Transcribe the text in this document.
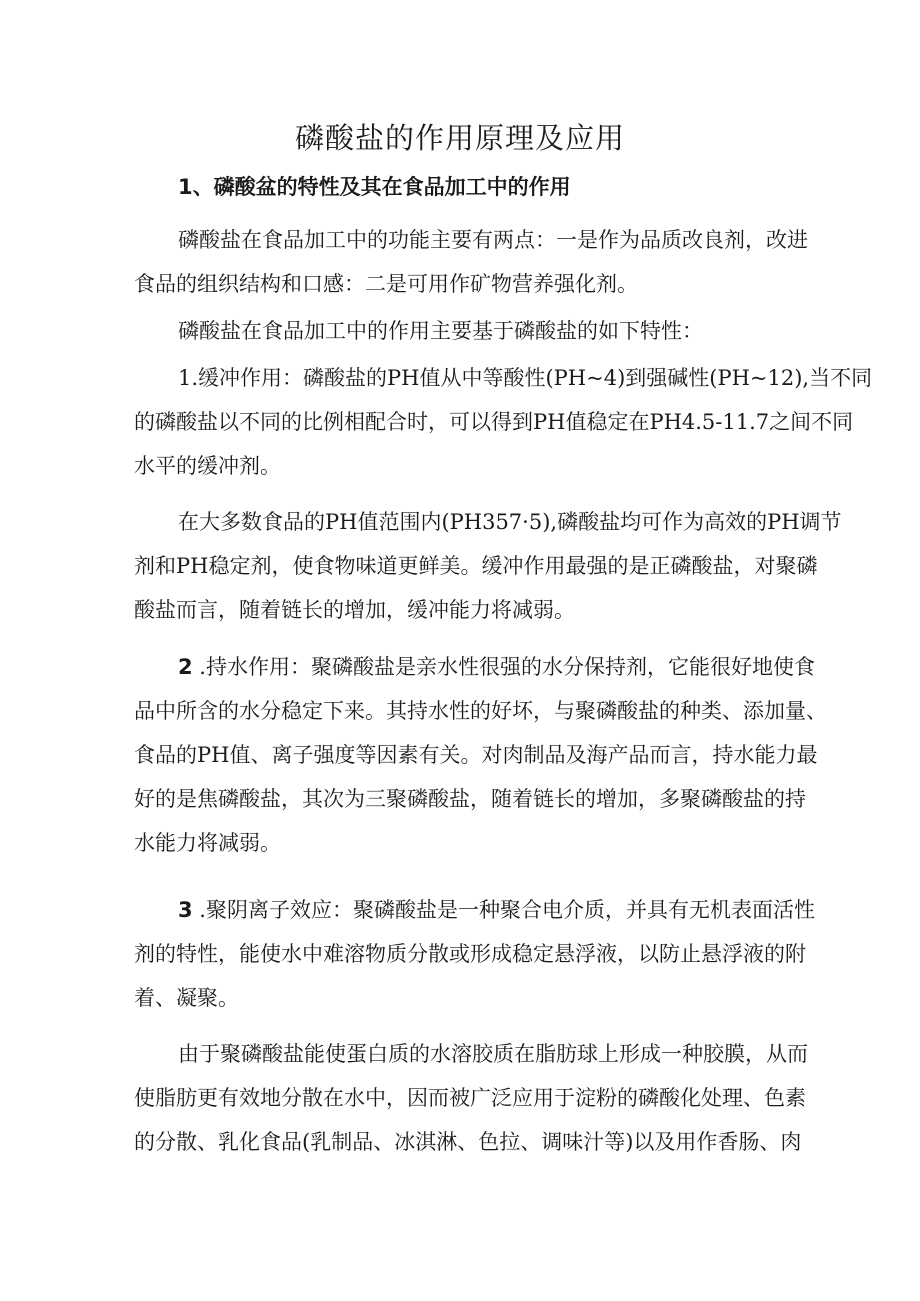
磷酸盐的作用原理及应用
1、磷酸盆的特性及其在食品加工中的作用
磷酸盐在食品加工中的功能主要有两点：一是作为品质改良剂，改进
食品的组织结构和口感：二是可用作矿物营养强化剂。
磷酸盐在食品加工中的作用主要基于磷酸盐的如下特性：
1.缓冲作用：磷酸盐的PH值从中等酸性(PH~4)到强碱性(PH~12),当不同
的磷酸盐以不同的比例相配合时，可以得到PH值稳定在PH4.5-11.7之间不同
水平的缓冲剂。
在大多数食品的PH值范围内(PH357·5),磷酸盐均可作为高效的PH调节
剂和PH稳定剂，使食物味道更鲜美。缓冲作用最强的是正磷酸盐，对聚磷
酸盐而言，随着链长的增加，缓冲能力将减弱。
2 .持水作用：聚磷酸盐是亲水性很强的水分保持剂，它能很好地使食
品中所含的水分稳定下来。其持水性的好坏，与聚磷酸盐的种类、添加量、
食品的PH值、离子强度等因素有关。对肉制品及海产品而言，持水能力最
好的是焦磷酸盐，其次为三聚磷酸盐，随着链长的增加，多聚磷酸盐的持
水能力将减弱。
3 .聚阴离子效应：聚磷酸盐是一种聚合电介质，并具有无机表面活性
剂的特性，能使水中难溶物质分散或形成稳定悬浮液，以防止悬浮液的附
着、凝聚。
由于聚磷酸盐能使蛋白质的水溶胶质在脂肪球上形成一种胶膜，从而
使脂肪更有效地分散在水中，因而被广泛应用于淀粉的磷酸化处理、色素
的分散、乳化食品(乳制品、冰淇淋、色拉、调味汁等)以及用作香肠、肉
